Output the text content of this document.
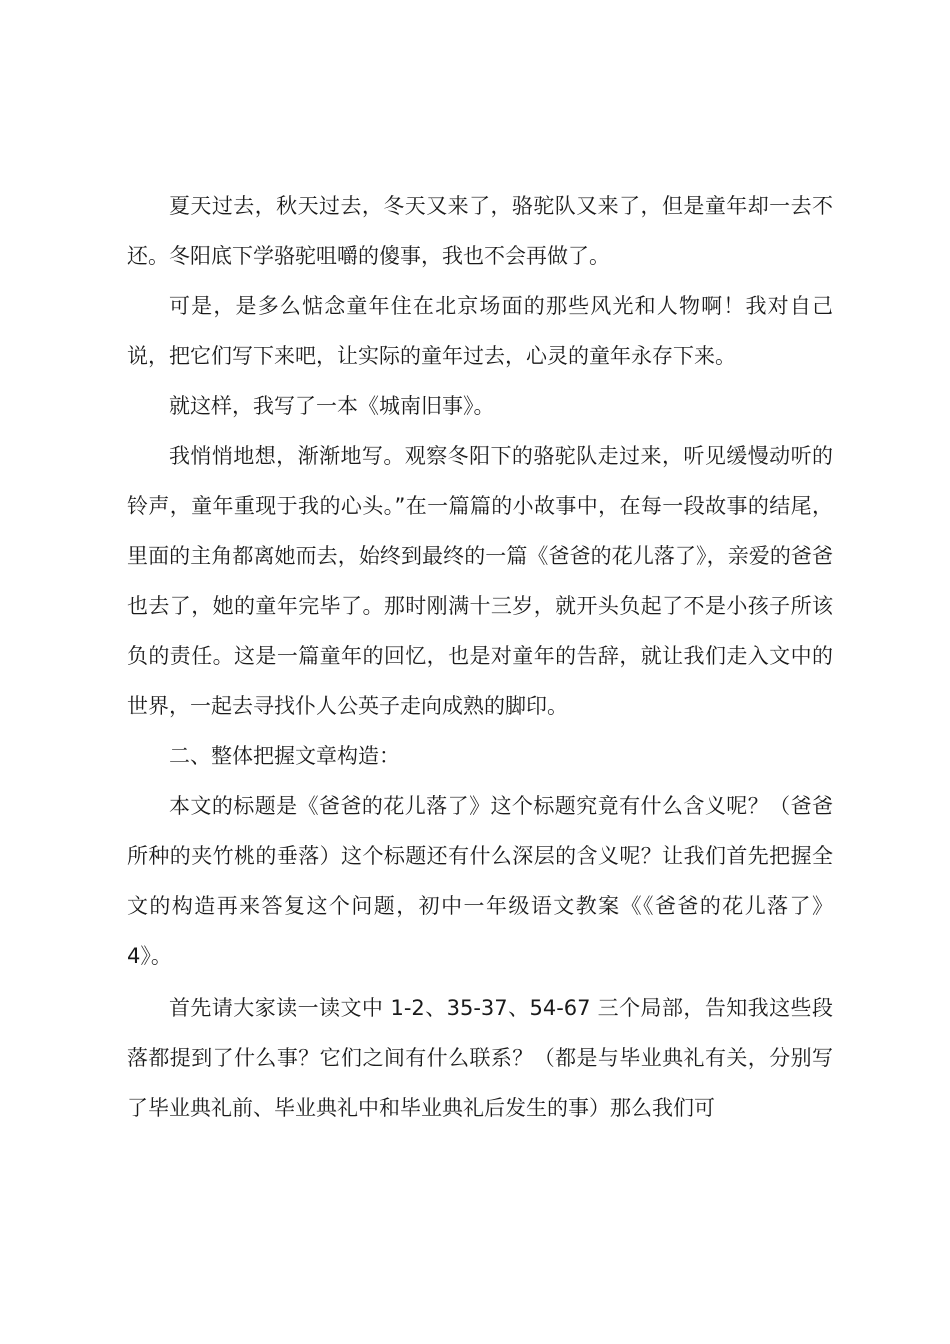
夏天过去，秋天过去，冬天又来了，骆驼队又来了，但是童年却一去不还。冬阳底下学骆驼咀嚼的傻事，我也不会再做了。

可是，是多么惦念童年住在北京场面的那些风光和人物啊！我对自己说，把它们写下来吧，让实际的童年过去，心灵的童年永存下来。

就这样，我写了一本《城南旧事》。

我悄悄地想，渐渐地写。观察冬阳下的骆驼队走过来，听见缓慢动听的铃声，童年重现于我的心头。”在一篇篇的小故事中，在每一段故事的结尾，里面的主角都离她而去，始终到最终的一篇《爸爸的花儿落了》，亲爱的爸爸也去了，她的童年完毕了。那时刚满十三岁，就开头负起了不是小孩子所该负的责任。这是一篇童年的回忆，也是对童年的告辞，就让我们走入文中的世界，一起去寻找仆人公英子走向成熟的脚印。

二、整体把握文章构造：

本文的标题是《爸爸的花儿落了》这个标题究竟有什么含义呢？（爸爸所种的夹竹桃的垂落）这个标题还有什么深层的含义呢？让我们首先把握全文的构造再来答复这个问题，初中一年级语文教案《《爸爸的花儿落了》4》。

首先请大家读一读文中 1-2、35-37、54-67 三个局部，告知我这些段落都提到了什么事？它们之间有什么联系？（都是与毕业典礼有关，分别写了毕业典礼前、毕业典礼中和毕业典礼后发生的事）那么我们可
